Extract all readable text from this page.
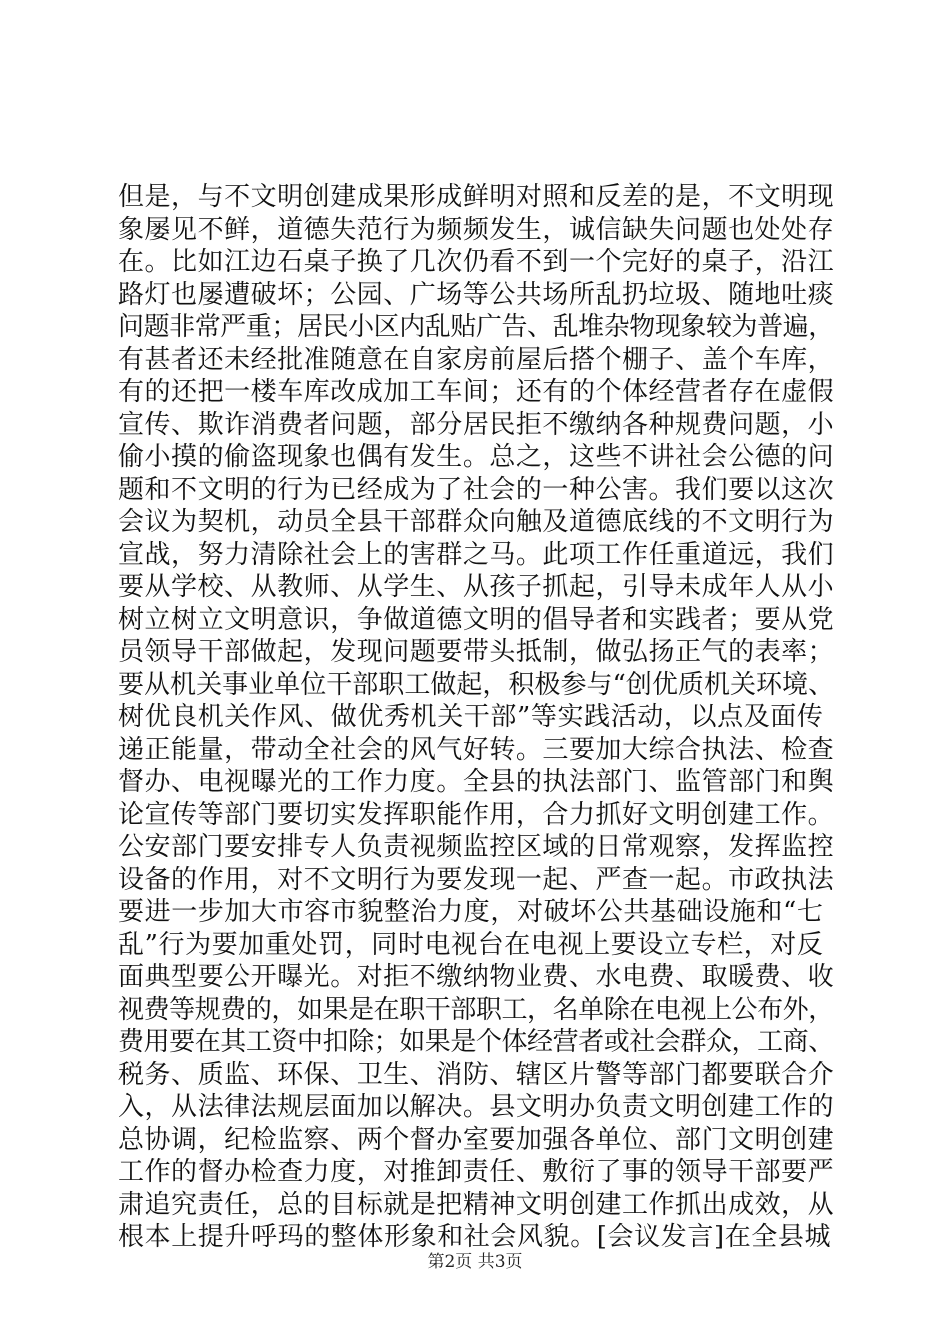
但是，与不文明创建成果形成鲜明对照和反差的是，不文明现
象屡见不鲜，道德失范行为频频发生，诚信缺失问题也处处存
在。比如江边石桌子换了几次仍看不到一个完好的桌子，沿江
路灯也屡遭破坏；公园、广场等公共场所乱扔垃圾、随地吐痰
问题非常严重；居民小区内乱贴广告、乱堆杂物现象较为普遍，
有甚者还未经批准随意在自家房前屋后搭个棚子、盖个车库，
有的还把一楼车库改成加工车间；还有的个体经营者存在虚假
宣传、欺诈消费者问题，部分居民拒不缴纳各种规费问题，小
偷小摸的偷盗现象也偶有发生。总之，这些不讲社会公德的问
题和不文明的行为已经成为了社会的一种公害。我们要以这次
会议为契机，动员全县干部群众向触及道德底线的不文明行为
宣战，努力清除社会上的害群之马。此项工作任重道远，我们
要从学校、从教师、从学生、从孩子抓起，引导未成年人从小
树立树立文明意识，争做道德文明的倡导者和实践者；要从党
员领导干部做起，发现问题要带头抵制，做弘扬正气的表率；
要从机关事业单位干部职工做起，积极参与“创优质机关环境、
树优良机关作风、做优秀机关干部”等实践活动，以点及面传
递正能量，带动全社会的风气好转。三要加大综合执法、检查
督办、电视曝光的工作力度。全县的执法部门、监管部门和舆
论宣传等部门要切实发挥职能作用，合力抓好文明创建工作。
公安部门要安排专人负责视频监控区域的日常观察，发挥监控
设备的作用，对不文明行为要发现一起、严查一起。市政执法
要进一步加大市容市貌整治力度，对破坏公共基础设施和“七
乱”行为要加重处罚，同时电视台在电视上要设立专栏，对反
面典型要公开曝光。对拒不缴纳物业费、水电费、取暖费、收
视费等规费的，如果是在职干部职工，名单除在电视上公布外，
费用要在其工资中扣除；如果是个体经营者或社会群众，工商、
税务、质监、环保、卫生、消防、辖区片警等部门都要联合介
入，从法律法规层面加以解决。县文明办负责文明创建工作的
总协调，纪检监察、两个督办室要加强各单位、部门文明创建
工作的督办检查力度，对推卸责任、敷衍了事的领导干部要严
肃追究责任，总的目标就是把精神文明创建工作抓出成效，从
根本上提升呼玛的整体形象和社会风貌。[会议发言]在全县城
第2页 共3页
